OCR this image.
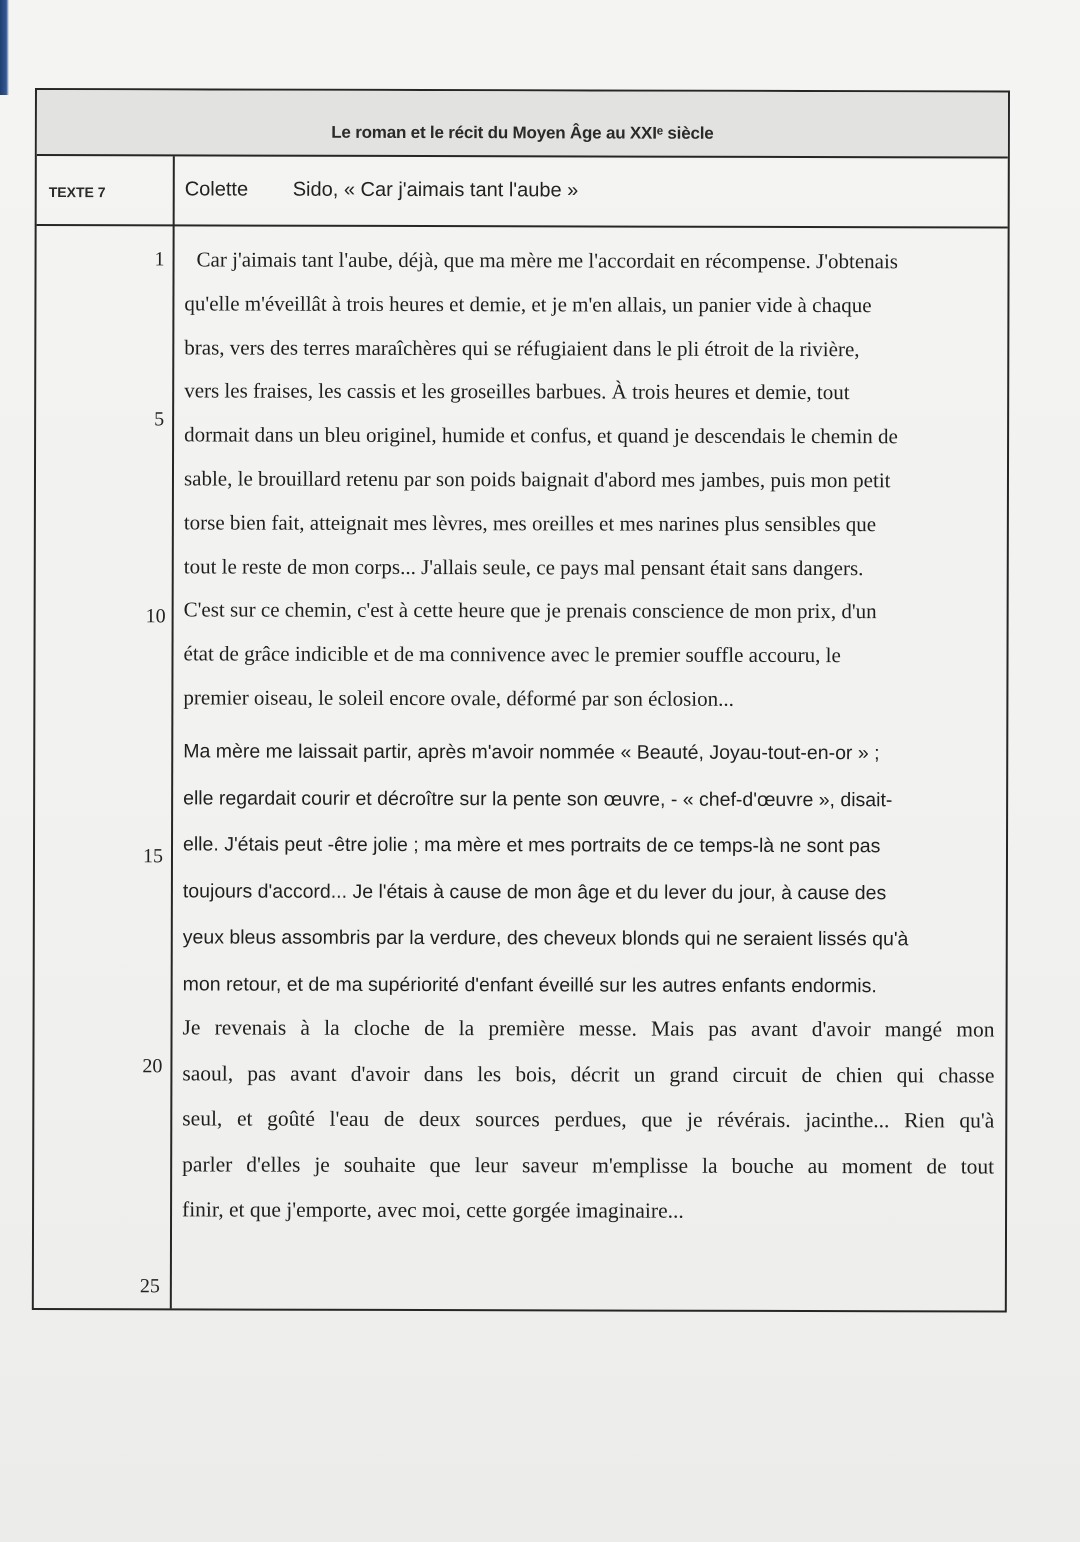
Le roman et le récit du Moyen Âge au XXIᵉ siècle
TEXTE 7	Colette Sido, « Car j'aimais tant l'aube »
1
5
10
15
20
25
Car j'aimais tant l'aube, déjà, que ma mère me l'accordait en récompense. J'obtenais
qu'elle m'éveillât à trois heures et demie, et je m'en allais, un panier vide à chaque
bras, vers des terres maraîchères qui se réfugiaient dans le pli étroit de la rivière,
vers les fraises, les cassis et les groseilles barbues. À trois heures et demie, tout
dormait dans un bleu originel, humide et confus, et quand je descendais le chemin de
sable, le brouillard retenu par son poids baignait d'abord mes jambes, puis mon petit
torse bien fait, atteignait mes lèvres, mes oreilles et mes narines plus sensibles que
tout le reste de mon corps... J'allais seule, ce pays mal pensant était sans dangers.
C'est sur ce chemin, c'est à cette heure que je prenais conscience de mon prix, d'un
état de grâce indicible et de ma connivence avec le premier souffle accouru, le
premier oiseau, le soleil encore ovale, déformé par son éclosion...
Ma mère me laissait partir, après m'avoir nommée « Beauté, Joyau-tout-en-or » ;
elle regardait courir et décroître sur la pente son œuvre, - « chef-d'œuvre », disait-
elle. J'étais peut -être jolie ; ma mère et mes portraits de ce temps-là ne sont pas
toujours d'accord... Je l'étais à cause de mon âge et du lever du jour, à cause des
yeux bleus assombris par la verdure, des cheveux blonds qui ne seraient lissés qu'à
mon retour, et de ma supériorité d'enfant éveillé sur les autres enfants endormis.
Je revenais à la cloche de la première messe. Mais pas avant d'avoir mangé mon
saoul, pas avant d'avoir dans les bois, décrit un grand circuit de chien qui chasse
seul, et goûté l'eau de deux sources perdues, que je révérais. jacinthe... Rien qu'à
parler d'elles je souhaite que leur saveur m'emplisse la bouche au moment de tout
finir, et que j'emporte, avec moi, cette gorgée imaginaire...
